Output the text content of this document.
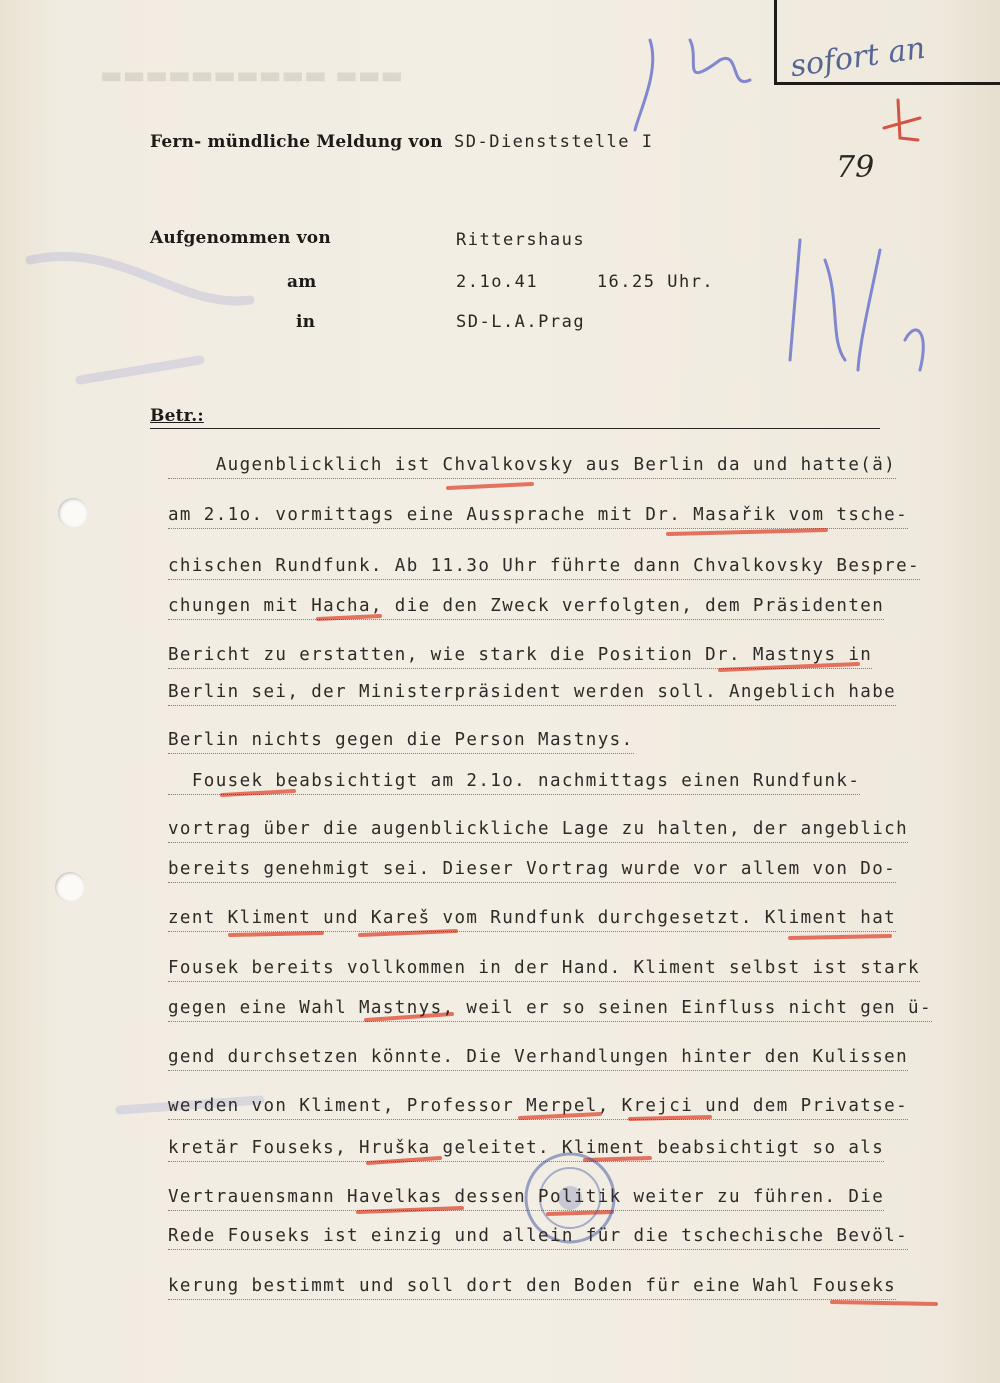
▬▬▬ ▬▬▬▬▬▬▬▬▬▬	sofort an
Fern- mündliche Meldung von SD-Dienststelle I
79
Aufgenommen von	Rittershaus
am	2.1o.41     16.25 Uhr.
in	SD-L.A.Prag
Betr.:
Augenblicklich ist Chvalkovsky aus Berlin da und hatte(ä)
am 2.1o. vormittags eine Aussprache mit Dr. Masařik vom tsche-
chischen Rundfunk. Ab 11.3o Uhr führte dann Chvalkovsky Bespre-
chungen mit Hacha, die den Zweck verfolgten, dem Präsidenten
Bericht zu erstatten, wie stark die Position Dr. Mastnys in
Berlin sei, der Ministerpräsident werden soll. Angeblich habe
Berlin nichts gegen die Person Mastnys.
Fousek beabsichtigt am 2.1o. nachmittags einen Rundfunk-
vortrag über die augenblickliche Lage zu halten, der angeblich
bereits genehmigt sei. Dieser Vortrag wurde vor allem von Do-
zent Kliment und Kareš vom Rundfunk durchgesetzt. Kliment hat
Fousek bereits vollkommen in der Hand. Kliment selbst ist stark
gegen eine Wahl Mastnys, weil er so seinen Einfluss nicht gen ü-
gend durchsetzen könnte. Die Verhandlungen hinter den Kulissen
werden von Kliment, Professor Merpel, Krejci und dem Privatse-
kretär Fouseks, Hruška geleitet. Kliment beabsichtigt so als
Vertrauensmann Havelkas dessen Politik weiter zu führen. Die
Rede Fouseks ist einzig und allein für die tschechische Bevöl-
kerung bestimmt und soll dort den Boden für eine Wahl Fouseks
